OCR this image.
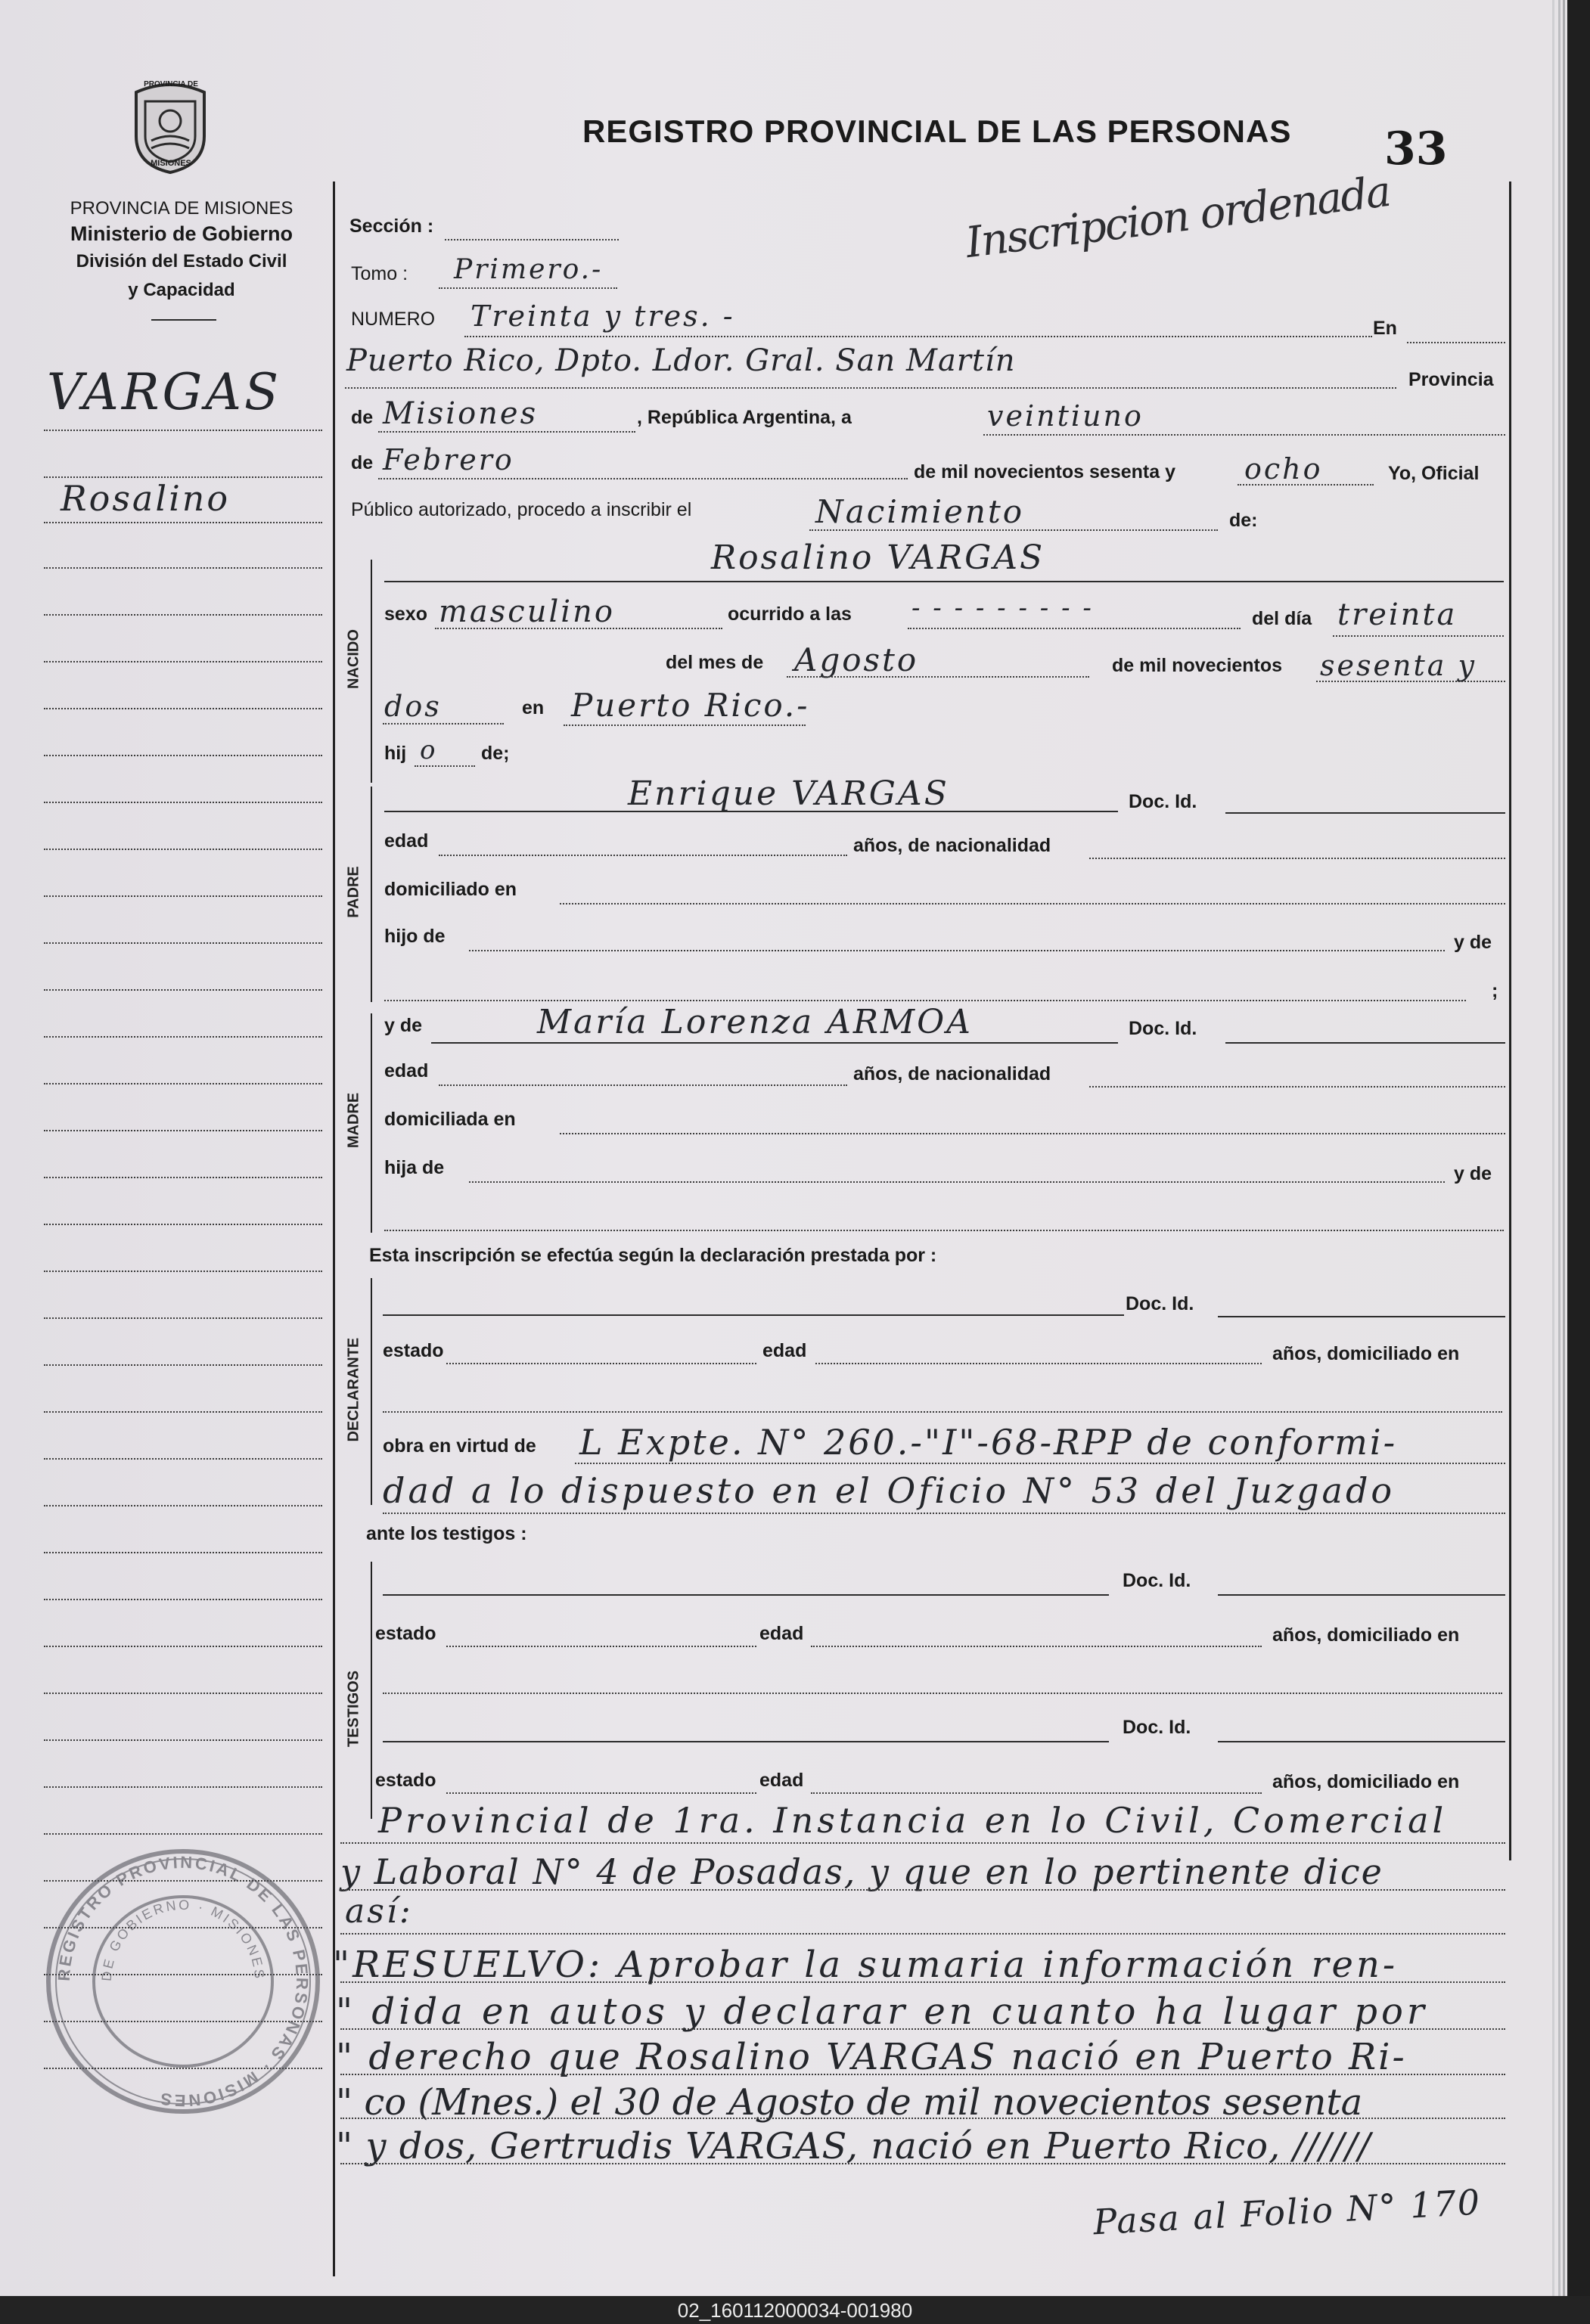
PROVINCIA DE
MISIONES
REGISTRO PROVINCIAL DE LAS PERSONAS 33
Inscripcion ordenada
PROVINCIA DE MISIONES
Ministerio de Gobierno
División del Estado Civil
y Capacidad
VARGAS
Rosalino
NACIDO
PADRE
MADRE
DECLARANTE
TESTIGOS
Sección :
Tomo : Primero.-
NUMERO Treinta y tres. -	En
Puerto Rico, Dpto. Ldor. Gral. San Martín
Provincia
de Misiones	, República Argentina, a	veintiuno
de Febrero	de mil novecientos sesenta y ocho	Yo, Oficial
Público autorizado, procedo a inscribir el	Nacimiento	de:
Rosalino VARGAS
sexo masculino	ocurrido a las - - - - - - - - -	del día treinta
del mes de Agosto	de mil novecientos sesenta y
dos	en Puerto Rico.-
hij o de;
Enrique VARGAS	Doc. Id.
edad	años, de nacionalidad
domiciliado en
hijo de	y de
;
y de	María Lorenza ARMOA	Doc. Id.
edad	años, de nacionalidad
domiciliada en
hija de	y de
Esta inscripción se efectúa según la declaración prestada por :
Doc. Id.
estado	edad	años, domiciliado en
obra en virtud de L Expte. N° 260.-"I"-68-RPP de conformi-
dad a lo dispuesto en el Oficio N° 53 del Juzgado
ante los testigos :
Doc. Id.
estado	edad	años, domiciliado en
Doc. Id.
estado	edad	años, domiciliado en
Provincial de 1ra. Instancia en lo Civil, Comercial
y Laboral N° 4 de Posadas, y que en lo pertinente dice
así:
"RESUELVO: Aprobar la sumaria información ren-
" dida en autos y declarar en cuanto ha lugar por
" derecho que Rosalino VARGAS nació en Puerto Ri-
" co (Mnes.) el 30 de Agosto de mil novecientos sesenta
" y dos, Gertrudis VARGAS, nació en Puerto Rico, //////
Pasa al Folio N° 170
REGISTRO PROVINCIAL DE LAS PERSONAS · MISIONES
DE GOBIERNO · MISIONES
02_160112000034-001980
